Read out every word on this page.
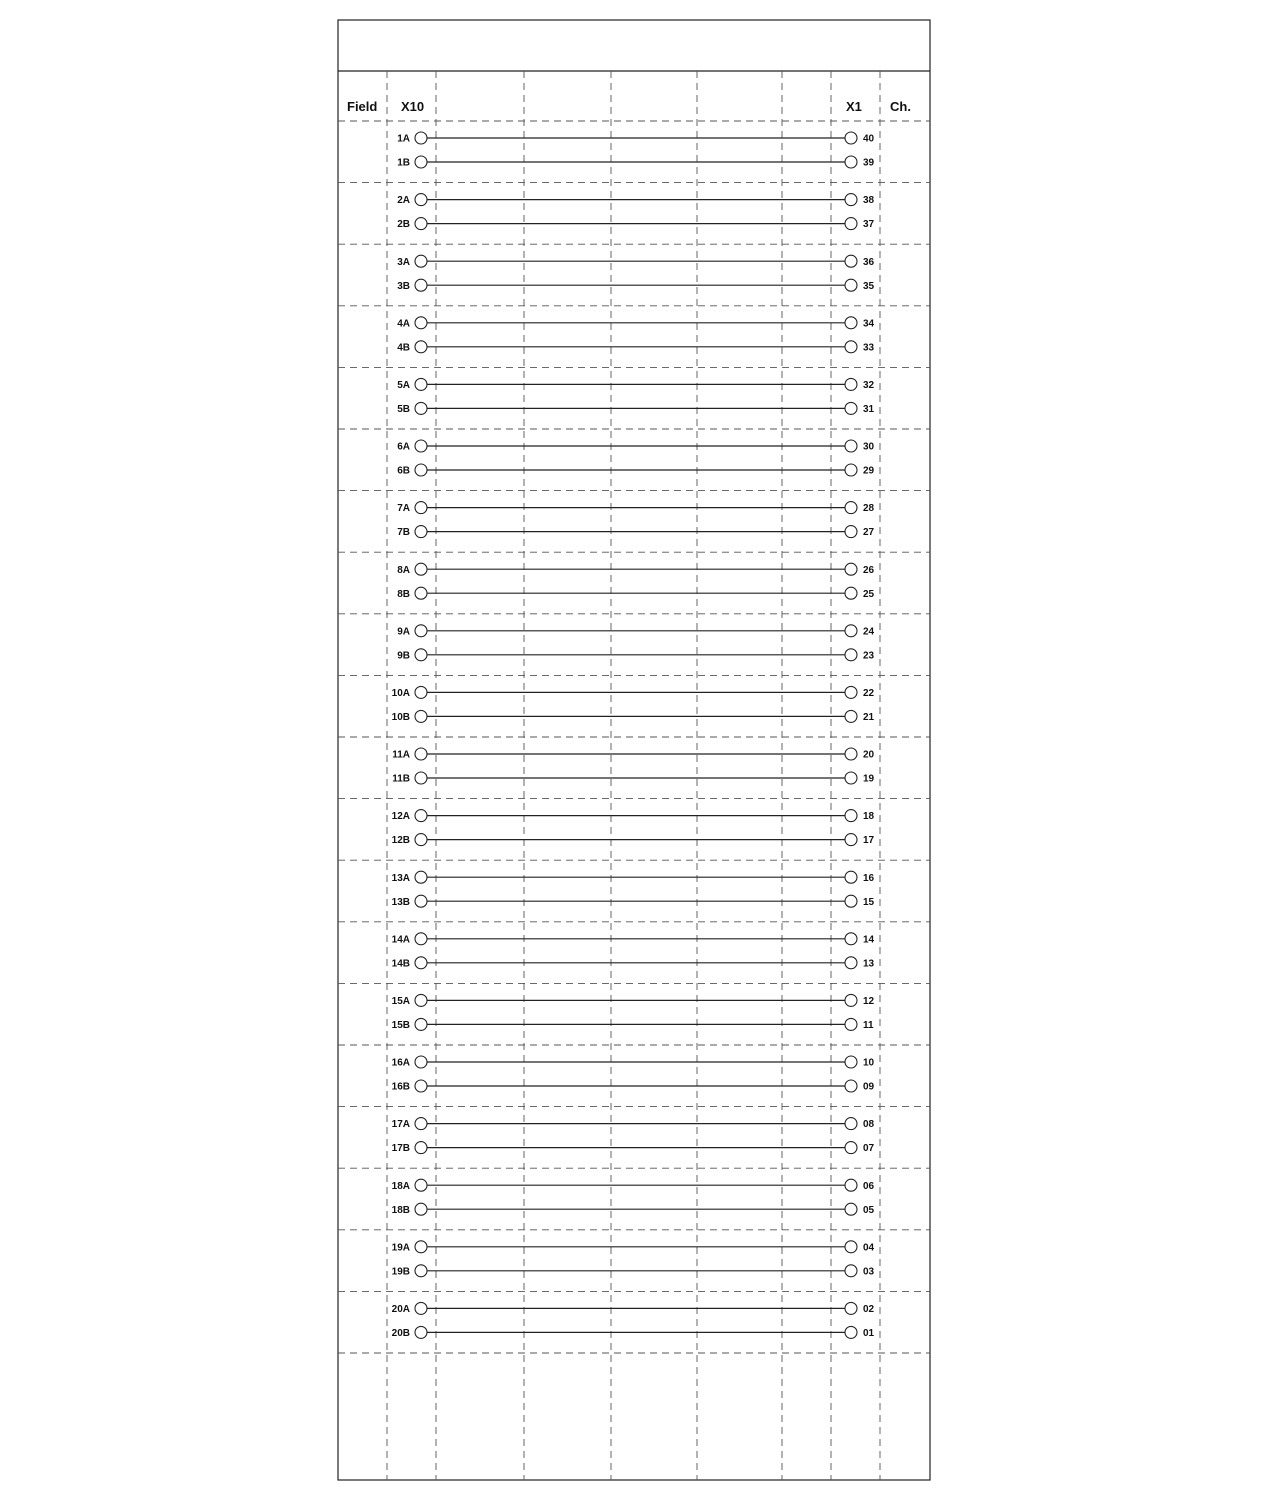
Field X10	X1 Ch.
1A	40
1B	39
2A	38
2B	37
3A	36
3B	35
4A	34
4B	33
5A	32
5B	31
6A	30
6B	29
7A	28
7B	27
8A	26
8B	25
9A	24
9B	23
10A	22
10B	21
11A	20
11B	19
12A	18
12B	17
13A	16
13B	15
14A	14
14B	13
15A	12
15B	11
16A	10
16B	09
17A	08
17B	07
18A	06
18B	05
19A	04
19B	03
20A	02
20B	01
